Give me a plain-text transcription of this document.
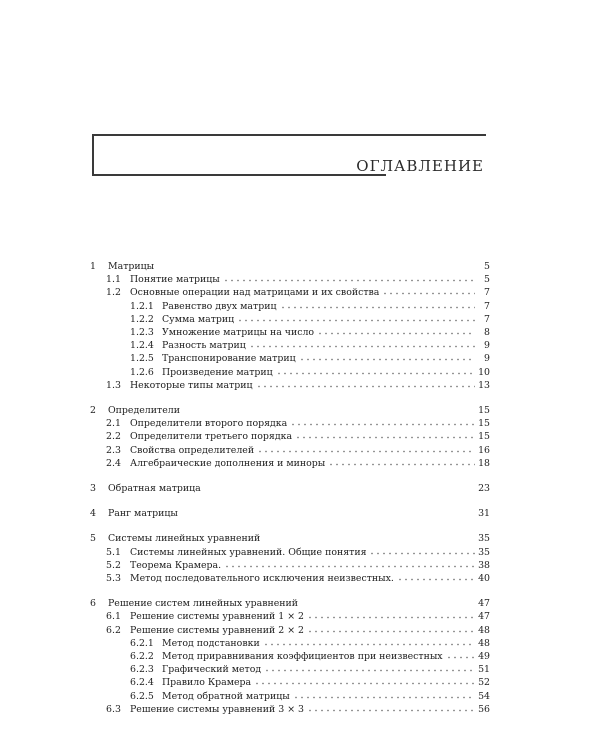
ОГЛАВЛЕНИЕ
1	Матрицы	5
1.1 Понятие матрицы	5
1.2 Основные операции над матрицами и их свойства	7
1.2.1 Равенство двух матриц	7
1.2.2 Сумма матриц	7
1.2.3 Умножение матрицы на число	8
1.2.4 Разность матриц	9
1.2.5 Транспонирование матриц	9
1.2.6 Произведение матриц	10
1.3 Некоторые типы матриц	13
2	Определители	15
2.1 Определители второго порядка	15
2.2 Определители третьего порядка	15
2.3 Свойства определителей	16
2.4 Алгебраические дополнения и миноры	18
3	Обратная матрица	23
4	Ранг матрицы	31
5	Системы линейных уравнений	35
5.1 Системы линейных уравнений. Общие понятия	35
5.2 Теорема Крамера.	38
5.3 Метод последовательного исключения неизвестных.	40
6	Решение систем линейных уравнений	47
6.1 Решение системы уравнений 1 × 2	47
6.2 Решение системы уравнений 2 × 2	48
6.2.1 Метод подстановки	48
6.2.2 Метод приравнивания коэффициентов при неизвестных	49
6.2.3 Графический метод	51
6.2.4 Правило Крамера	52
6.2.5 Метод обратной матрицы	54
6.3 Решение системы уравнений 3 × 3	56
